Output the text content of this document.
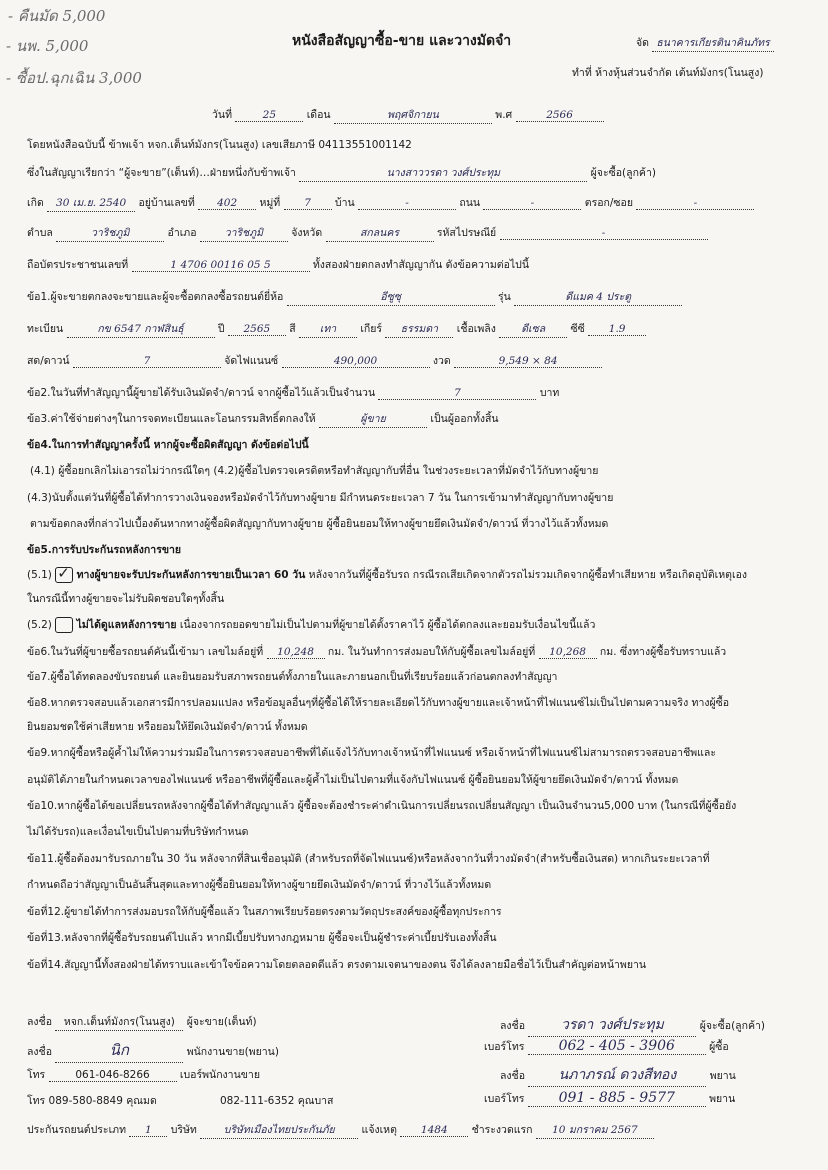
- คืนมัด 5,000
- นพ. 5,000
- ซื้อป.ฉุกเฉิน 3,000
หนังสือสัญญาซื้อ-ขาย และวางมัดจำ	จัด ธนาคารเกียรตินาคินภัทร
ทำที่ ห้างหุ้นส่วนจำกัด เต้นท์มังกร(โนนสูง)
วันที่	25	เดือน	พฤศจิกายน	พ.ศ	2566
โดยหนังสือฉบับนี้ ข้าพเจ้า หจก.เต็นท์มังกร(โนนสูง) เลขเสียภาษี 04113551001142
ซึ่งในสัญญาเรียกว่า “ผู้จะขาย”(เต็นท์)…ฝ่ายหนึ่งกับข้าพเจ้า	นางสาววรดา วงศ์ประทุม	ผู้จะซื้อ(ลูกค้า)
เกิด 30 เม.ย. 2540 อยู่บ้านเลขที่ 402 หมู่ที่ 7 บ้าน	-	ถนน	-	ตรอก/ซอย	-
ตำบล	วาริชภูมิ	อำเภอ	วาริชภูมิ	จังหวัด	สกลนคร	รหัสไปรษณีย์	-
ถือบัตรประชาชนเลขที่	1 4706 00116 05 5	ทั้งสองฝ่ายตกลงทำสัญญากัน ดังข้อความต่อไปนี้
ข้อ1.ผู้จะขายตกลงจะขายและผู้จะซื้อตกลงซื้อรถยนต์ยี่ห้อ	อีซูซุ	รุ่น	ดีแมค 4 ประตู
ทะเบียน	กข 6547 กาฬสินธุ์	ปี 2565 สี เทา เกียร์ ธรรมดา เชื้อเพลิง ดีเซล ซีซี 1.9
สด/ดาวน์	7	จัดไฟแนนซ์	490,000	งวด	9,549 × 84
ข้อ2.ในวันที่ทำสัญญานี้ผู้ขายได้รับเงินมัดจำ/ดาวน์ จากผู้ซื้อไว้แล้วเป็นจำนวน	7	บาท
ข้อ3.ค่าใช้จ่ายต่างๆในการจดทะเบียนและโอนกรรมสิทธิ์ตกลงให้	ผู้ขาย	เป็นผู้ออกทั้งสิ้น
ข้อ4.ในการทำสัญญาครั้งนี้ หากผู้จะซื้อผิดสัญญา ดังข้อต่อไปนี้
(4.1) ผู้ซื้อยกเลิกไม่เอารถไม่ว่ากรณีใดๆ (4.2)ผู้ซื้อไปตรวจเครดิตหรือทำสัญญากับที่อื่น ในช่วงระยะเวลาที่มัดจำไว้กับทางผู้ขาย
(4.3)นับตั้งแต่วันที่ผู้ซื้อได้ทำการวางเงินจองหรือมัดจำไว้กับทางผู้ขาย มีกำหนดระยะเวลา 7 วัน ในการเข้ามาทำสัญญากับทางผู้ขาย
ตามข้อตกลงที่กล่าวไปเบื้องต้นหากทางผู้ซื้อผิดสัญญากับทางผู้ขาย ผู้ซื้อยินยอมให้ทางผู้ขายยึดเงินมัดจำ/ดาวน์ ที่วางไว้แล้วทั้งหมด
ข้อ5.การรับประกันรถหลังการขาย
(5.1) ✓ ทางผู้ขายจะรับประกันหลังการขายเป็นเวลา 60 วัน หลังจากวันที่ผู้ซื้อรับรถ กรณีรถเสียเกิดจากตัวรถไม่รวมเกิดจากผู้ซื้อทำเสียหาย หรือเกิดอุบัติเหตุเอง
ในกรณีนี้ทางผู้ขายจะไม่รับผิดชอบใดๆทั้งสิ้น
(5.2) ไม่ได้ดูแลหลังการขาย เนื่องจากรถยอดขายไม่เป็นไปตามที่ผู้ขายได้ตั้งราคาไว้ ผู้ซื้อได้ตกลงและยอมรับเงื่อนไขนี้แล้ว
ข้อ6.ในวันที่ผู้ขายซื้อรถยนต์คันนี้เข้ามา เลขไมล์อยู่ที่ 10,248 กม. ในวันทำการส่งมอบให้กับผู้ซื้อเลขไมล์อยู่ที่ 10,268 กม. ซึ่งทางผู้ซื้อรับทราบแล้ว
ข้อ7.ผู้ซื้อได้ทดลองขับรถยนต์ และยินยอมรับสภาพรถยนต์ทั้งภายในและภายนอกเป็นที่เรียบร้อยแล้วก่อนตกลงทำสัญญา
ข้อ8.หากตรวจสอบแล้วเอกสารมีการปลอมแปลง หรือข้อมูลอื่นๆที่ผู้ซื้อได้ให้รายละเอียดไว้กับทางผู้ขายและเจ้าหน้าที่ไฟแนนซ์ไม่เป็นไปตามความจริง ทางผู้ซื้อ
ยินยอมชดใช้ค่าเสียหาย หรือยอมให้ยึดเงินมัดจำ/ดาวน์ ทั้งหมด
ข้อ9.หากผู้ซื้อหรือผู้ค้ำไม่ให้ความร่วมมือในการตรวจสอบอาชีพที่ได้แจ้งไว้กับทางเจ้าหน้าที่ไฟแนนซ์ หรือเจ้าหน้าที่ไฟแนนซ์ไม่สามารถตรวจสอบอาชีพและ
อนุมัติได้ภายในกำหนดเวลาของไฟแนนซ์ หรืออาชีพที่ผู้ซื้อและผู้ค้ำไม่เป็นไปตามที่แจ้งกับไฟแนนซ์ ผู้ซื้อยินยอมให้ผู้ขายยึดเงินมัดจำ/ดาวน์ ทั้งหมด
ข้อ10.หากผู้ซื้อได้ขอเปลี่ยนรถหลังจากผู้ซื้อได้ทำสัญญาแล้ว ผู้ซื้อจะต้องชำระค่าดำเนินการเปลี่ยนรถเปลี่ยนสัญญา เป็นเงินจำนวน5,000 บาท (ในกรณีที่ผู้ซื้อยัง
ไม่ได้รับรถ)และเงื่อนไขเป็นไปตามที่บริษัทกำหนด
ข้อ11.ผู้ซื้อต้องมารับรถภายใน 30 วัน หลังจากที่สินเชื่ออนุมัติ (สำหรับรถที่จัดไฟแนนซ์)หรือหลังจากวันที่วางมัดจำ(สำหรับซื้อเงินสด) หากเกินระยะเวลาที่
กำหนดถือว่าสัญญาเป็นอันสิ้นสุดและทางผู้ซื้อยินยอมให้ทางผู้ขายยึดเงินมัดจำ/ดาวน์ ที่วางไว้แล้วทั้งหมด
ข้อที่12.ผู้ขายได้ทำการส่งมอบรถให้กับผู้ซื้อแล้ว ในสภาพเรียบร้อยตรงตามวัตถุประสงค์ของผู้ซื้อทุกประการ
ข้อที่13.หลังจากที่ผู้ซื้อรับรถยนต์ไปแล้ว หากมีเบี้ยปรับทางกฎหมาย ผู้ซื้อจะเป็นผู้ชำระค่าเบี้ยปรับเองทั้งสิ้น
ข้อที่14.สัญญานี้ทั้งสองฝ่ายได้ทราบและเข้าใจข้อความโดยตลอดดีแล้ว ตรงตามเจตนาของตน จึงได้ลงลายมือชื่อไว้เป็นสำคัญต่อหน้าพยาน
ลงชื่อ หจก.เต็นท์มังกร(โนนสูง) ผู้จะขาย(เต็นท์)
ลงชื่อ	นิก	พนักงานขาย(พยาน)
โทร	061-046-8266	เบอร์พนักงานขาย
โทร 089-580-8849 คุณมด	082-111-6352 คุณบาส
ลงชื่อ	วรดา วงศ์ประทุม	ผู้จะซื้อ(ลูกค้า)
เบอร์โทร 062 - 405 - 3906	ผู้ซื้อ
ลงชื่อ นภาภรณ์ ดวงสีทอง	พยาน
เบอร์โทร 091 - 885 - 9577	พยาน
ประกันรถยนต์ประเภท 1 บริษัท	บริษัทเมืองไทยประกันภัย	แจ้งเหตุ 1484 ชำระงวดแรก 10 มกราคม 2567
